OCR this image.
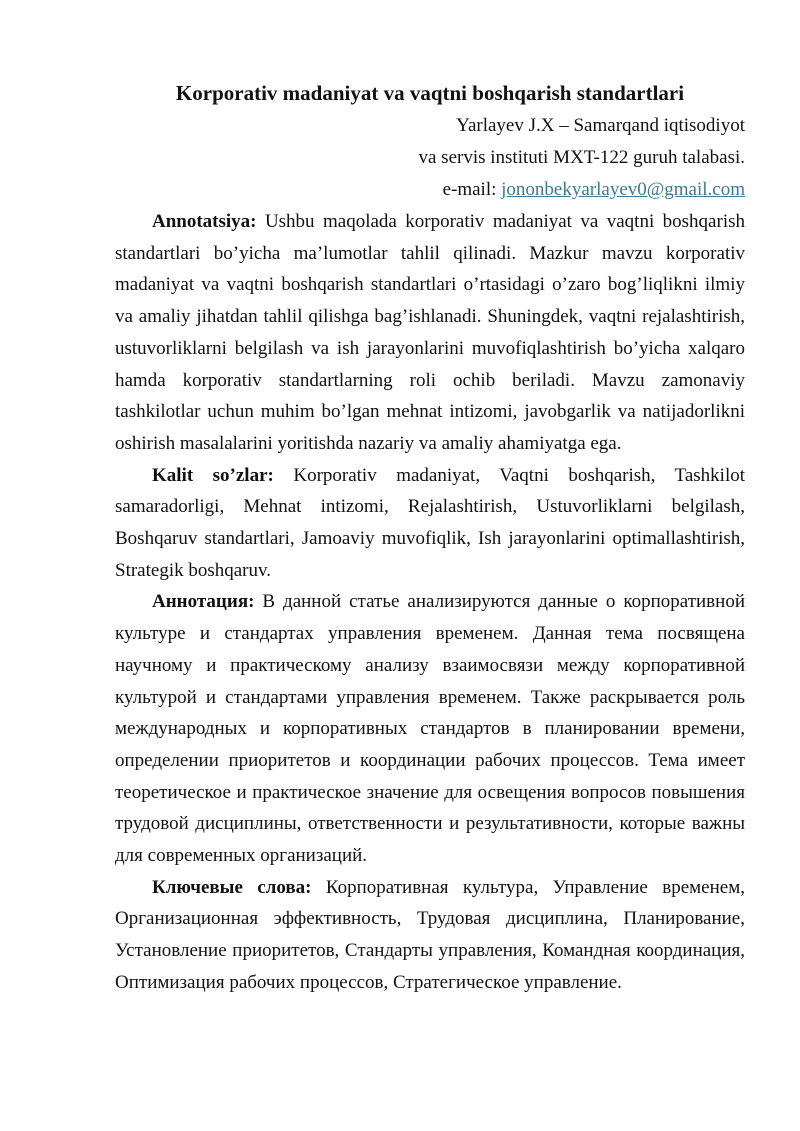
Korporativ madaniyat va vaqtni boshqarish standartlari
Yarlayev J.X – Samarqand iqtisodiyot
va servis instituti MXT-122 guruh talabasi.
e-mail: jononbekyarlayev0@gmail.com

Annotatsiya: Ushbu maqolada korporativ madaniyat va vaqtni boshqarish standartlari bo’yicha ma’lumotlar tahlil qilinadi. Mazkur mavzu korporativ madaniyat va vaqtni boshqarish standartlari o’rtasidagi o’zaro bog’liqlikni ilmiy va amaliy jihatdan tahlil qilishga bag’ishlanadi. Shuningdek, vaqtni rejalashtirish, ustuvorliklarni belgilash va ish jarayonlarini muvofiqlashtirish bo’yicha xalqaro hamda korporativ standartlarning roli ochib beriladi. Mavzu zamonaviy tashkilotlar uchun muhim bo’lgan mehnat intizomi, javobgarlik va natijadorlikni oshirish masalalarini yoritishda nazariy va amaliy ahamiyatga ega.

Kalit so’zlar: Korporativ madaniyat, Vaqtni boshqarish, Tashkilot samaradorligi, Mehnat intizomi, Rejalashtirish, Ustuvorliklarni belgilash, Boshqaruv standartlari, Jamoaviy muvofiqlik, Ish jarayonlarini optimallashtirish, Strategik boshqaruv.

Аннотация: В данной статье анализируются данные о корпоративной культуре и стандартах управления временем. Данная тема посвящена научному и практическому анализу взаимосвязи между корпоративной культурой и стандартами управления временем. Также раскрывается роль международных и корпоративных стандартов в планировании времени, определении приоритетов и координации рабочих процессов. Тема имеет теоретическое и практическое значение для освещения вопросов повышения трудовой дисциплины, ответственности и результативности, которые важны для современных организаций.

Ключевые слова: Корпоративная культура, Управление временем, Организационная эффективность, Трудовая дисциплина, Планирование, Установление приоритетов, Стандарты управления, Командная координация, Оптимизация рабочих процессов, Стратегическое управление.
